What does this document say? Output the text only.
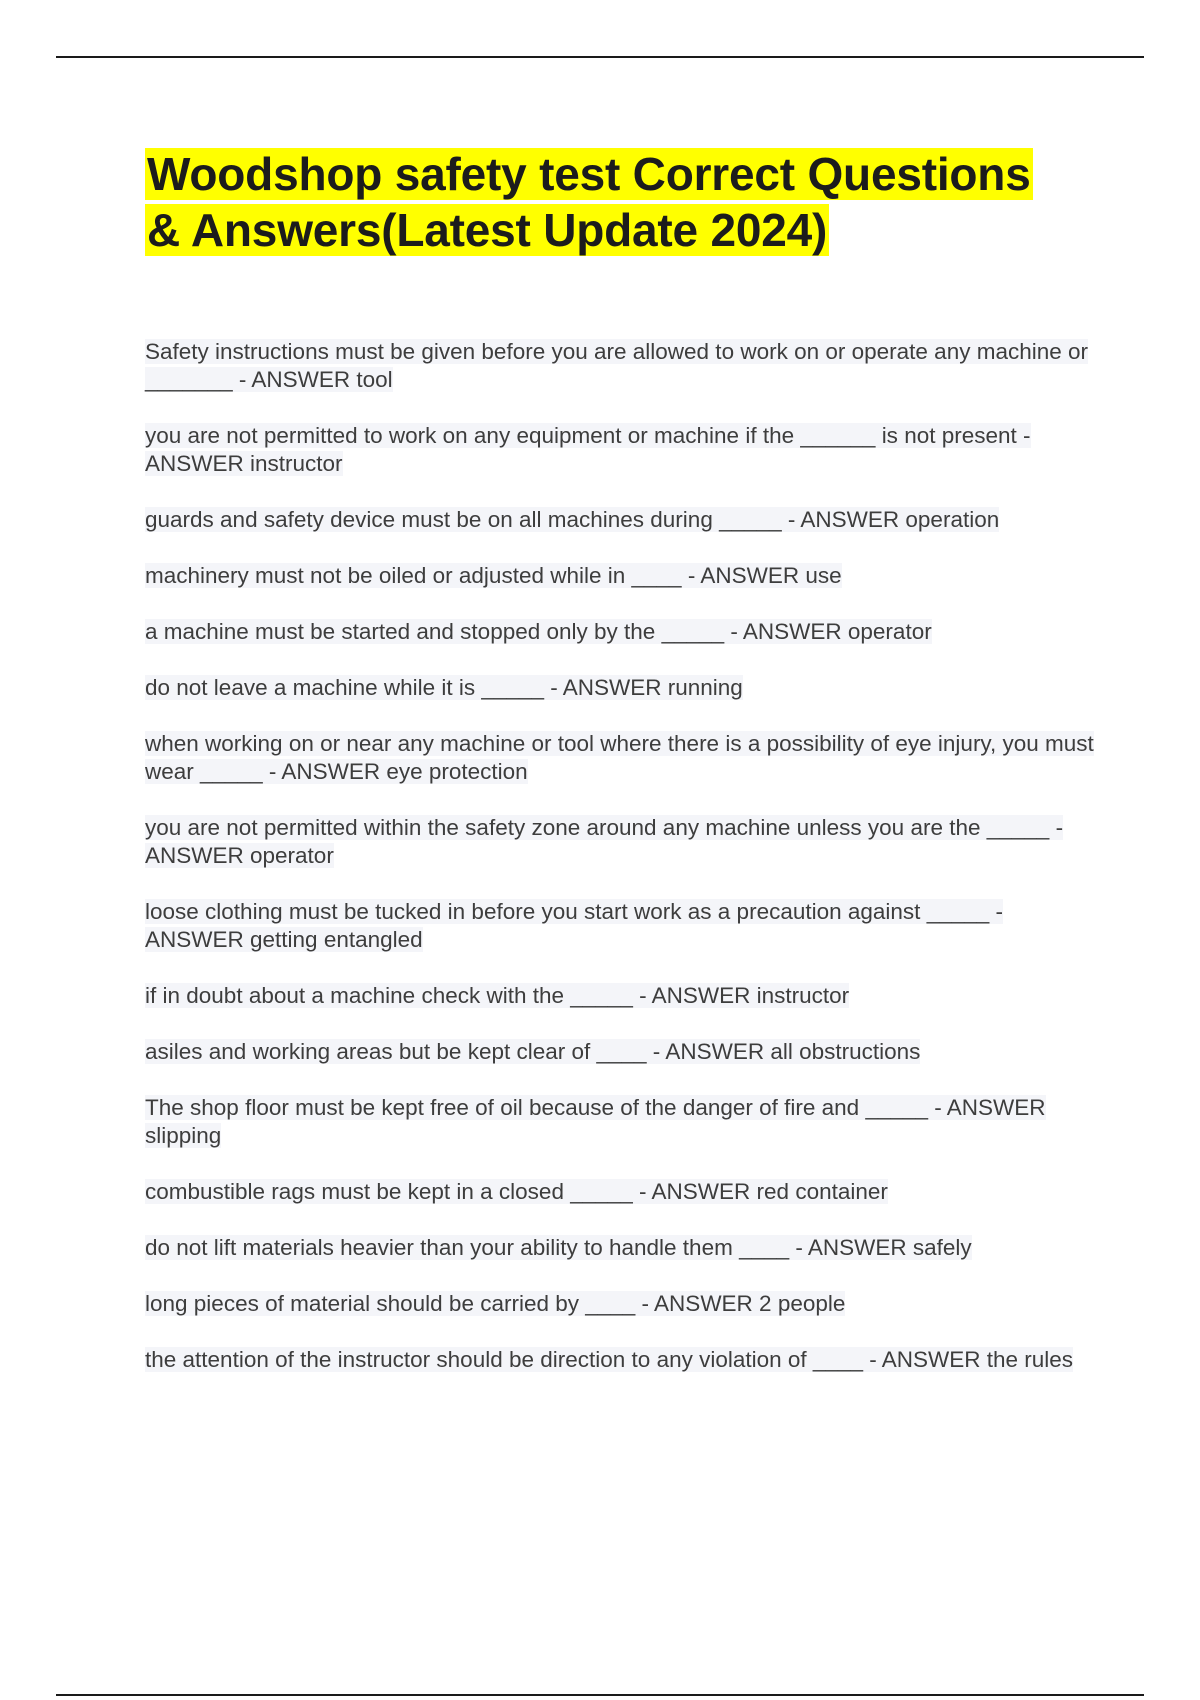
Woodshop safety test Correct Questions
& Answers(Latest Update 2024)
Safety instructions must be given before you are allowed to work on or operate any machine or _______ - ANSWER tool
you are not permitted to work on any equipment or machine if the ______ is not present - ANSWER instructor
guards and safety device must be on all machines during _____ - ANSWER operation
machinery must not be oiled or adjusted while in ____ - ANSWER use
a machine must be started and stopped only by the _____ - ANSWER operator
do not leave a machine while it is _____ - ANSWER running
when working on or near any machine or tool where there is a possibility of eye injury, you must wear _____ - ANSWER eye protection
you are not permitted within the safety zone around any machine unless you are the _____ - ANSWER operator
loose clothing must be tucked in before you start work as a precaution against _____ - ANSWER getting entangled
if in doubt about a machine check with the _____ - ANSWER instructor
asiles and working areas but be kept clear of ____ - ANSWER all obstructions
The shop floor must be kept free of oil because of the danger of fire and _____ - ANSWER slipping
combustible rags must be kept in a closed _____ - ANSWER red container
do not lift materials heavier than your ability to handle them ____ - ANSWER safely
long pieces of material should be carried by ____ - ANSWER 2 people
the attention of the instructor should be direction to any violation of ____ - ANSWER the rules
